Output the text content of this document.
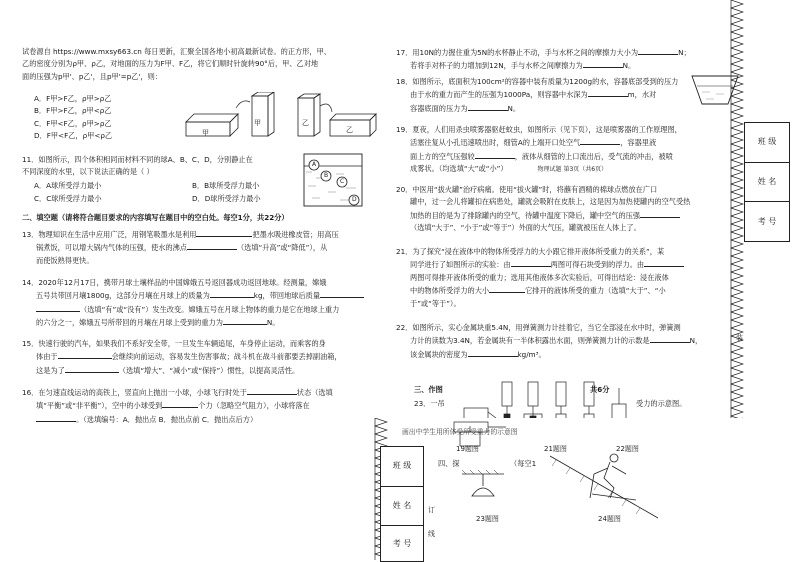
试卷源自 https://www.mxsy663.cn 每日更新，汇聚全国各地小初高最新试卷。的正方形，甲、
乙的密度分别为ρ甲、ρ乙，对地面的压力为F甲、F乙，将它们顺时针旋转90°后，甲、乙对地
面的压强为p甲'、p乙'，且p甲'=p乙'，则：
A．F甲>F乙，ρ甲>ρ乙
B．F甲>F乙，ρ甲<ρ乙
C．F甲<F乙，ρ甲>ρ乙
D．F甲<F乙，ρ甲<ρ乙	甲
甲	乙
乙
11．如图所示，四个体积相同而材料不同的球A、B、C、D，分别静止在
不同深度的水里，以下说法正确的是（ ）
A．A球所受浮力最小	B．B球所受浮力最小
C．C球所受浮力最小	D．D球所受浮力最小
A
B
C
D
二、填空题（请将符合题目要求的内容填写在题目中的空白处。每空1分，共22分）
13．物理知识在生活中应用广泛，用钢笔吸墨水是利用	把墨水吸进橡皮管；用高压
锅煮饭，可以增大锅内气体的压强，使水的沸点	（选填“升高”或“降低”），从
而使饭熟得更快。
14．2020年12月17日，携带月球土壤样品的中国嫦娥五号返回器成功返回地球。经测量，嫦娥
五号共带回月壤1800g，这部分月壤在月球上的质量为	kg，带回地球后质量
（选填“有”或“没有”）发生改变。嫦娥五号在月球上物体的重力是它在地球上重力
的六分之一，嫦娥五号所带回的月壤在月球上受到的重力为	N。
15．快速行驶的汽车，如果我们不系好安全带，一旦发生车辆追尾，车身停止运动，而乘客的身
体由于	会继续向前运动，容易发生伤害事故；战斗机在战斗前都要丢掉副油箱，
这是为了	（选填“增大”、“减小”或“保持”）惯性，以提高灵活性。
16．在匀速直线运动的高铁上，竖直向上抛出一小球，小球飞行时处于	状态（选填
填“平衡”或“非平衡”），空中的小球受到	个力（忽略空气阻力），小球将落在
。（选填编号：A．抛出点 B．抛出点前 C．抛出点后方）
17．用10N的力握住重为5N的水杯静止不动，手与水杯之间的摩擦力大小为	N；
若将手对杯子的力增加到12N，手与水杯之间摩擦力为	N。
18．如图所示，底面积为100cm²的容器中装有质量为1200g的水，容器底部受到的压力
由于水的重力而产生的压强为1000Pa，则容器中水深为	m，水对
容器底面的压力为	N。
19．夏夜，人们用杀虫喷雾器驱赶蚊虫，如图所示（见下页），这是喷雾器的工作原理图，
活塞往复从小孔迅速喷出时，细管A的上端开口处空气	，容器里液
面上方的空气压强较	，液体从细管的上口流出后，受气流的冲击，被喷
成雾状。（均选填“大”或“小”）	物理试题 第3页（共6页）
20．中医用“拔火罐”治疗病痛。使用“拔火罐”时，将蘸有酒精的棉球点燃放在广口
罐中，过一会儿将罐扣在病患处，罐就会吸附在皮肤上，这是因为加热使罐内的空气受热
加热的目的是为了排除罐内的空气，待罐中温度下降后，罐中空气的压强
（选填“大于”、“小于”或“等于”）外面的大气压，罐就被压在人体上了。
21．为了探究“浸在液体中的物体所受浮力的大小跟它排开液体所受重力的关系”，某
同学进行了如图所示的实验：由	两图可得石块受到的浮力。由
两图可得排开液体所受的重力；选用其他液体多次实验后，可得出结论：浸在液体
中的物体所受浮力的大小	它排开的液体所受的重力（选填“大于”、“小
于”或“等于”）。
22．如图所示，实心金属块重5.4N，用弹簧测力计挂着它，当它全部浸在水中时，弹簧测
力计的读数为3.4N，若金属块有一半体积露出水面，则弹簧测力计的示数是	N，
该金属块的密度为	kg/m³。
三、作图	共6分
23．一吊	受力的示意图。
班 级
姓 名
考 号
装
班 级
姓 名
考 号
订
线
画出中学生用所体受所受重力的示意图
19题图	21题图	22题图
四、探	（每空1
23题图	24题图
